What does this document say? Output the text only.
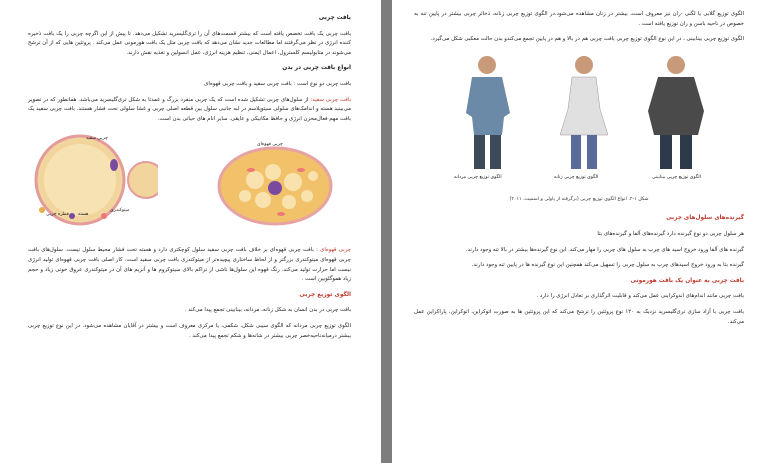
بافت چربی

بافت چربی یک بافت تخصص یافته است که بیشتر قسمت‌های آن را تری‌گلیسرید تشکیل می‌دهد. تا پیش از این اگرچه چربی را یک بافت ذخیره کننده انرژی در نظر می‌گرفتند اما مطالعات جدید نشان می‌دهد که بافت چربی مثل یک بافت هورمونی عمل می‌کند . پروتئین هایی که از آن ترشح می‌شوند در متابولیسم کلسترول، اعمال ایمنی، تنظیم هزینه انرژی، عمل انسولین و تغذیه نقش دارند.

انواع بافت چربی در بدن

بافت چربی دو نوع است : بافت چربی سفید و بافت چربی قهوه‌ای

بافت چربی سفید: از سلول‌های چربی تشکیل شده است که یک چربی منفرد بزرگ و عمدتا به شکل تری‌گلیسرید می‌باشد. همانطور که در تصویر می‌بینید هسته و اندامک‌های سلولی سیتوپلاسم در لبه جانبی سلول بین قطعه اصلی چربی و غشا سلولی تحت فشار هستند. بافت چربی سفید یک بافت مهم فعال‌مخزن انرژی و حافظ مکانیکی و عایقی. سایر انام های حیاتی بدن است.

چربی سفید
قطره چربی هسته
میتوکندری
چربی قهوه‌ای

چربی قهوه‌ای : بافت چربی قهوه‌ای بر خلاف بافت چربی سفید سلول کوچکتری دارد و هسته تحت فشار محیط سلول نیست. سلول‌های بافت چربی قهوه‌ای میتوکندری بزرگتر و از لحاظ ساختاری پیچیده‌تر از میتوکندری بافت چربی سفید است. کار اصلی بافت چربی قهوه‌ای تولید انرژی نیست اما حرارت تولید می‌کند. رنگ قهوه این سلول‌ها ناشی از تراکم بالای سیتوکروم ها و آنزیم های آن در میتوکندری عروق خونی زیاد و حجم زیاد هموگلوبین است .

الگوی توزیع چربی

بافت چربی در بدن انسان به شکل زنانه، مردانه، بینابینی تجمع پیدا می‌کند .

الگوی توزیع چربی مردانه که الگوی سیبی شکل، شکمی، یا مرکزی معروف است و بیشتر در آقایان مشاهده می‌شود. در این نوع توزیع چربی بیشتر درمیانه‌ناحیه‌خصر چربی بیشتر در شانه‌ها و شکم تجمع پیدا می‌کند .

الگوی توزیع گلابی یا لگنی -ران نیز معروف است، بیشتر در زنان مشاهده می‌شود.در الگوی توزیع چربی زنانه، ذخائر چربی بیشتر در پایین تنه به خصوص در ناحیه باسن و ران توزیع یافته است .

الگوی توزیع چربی بینابینی ، در این نوع الگوی توزیع چربی بافت چربی هم در بالا و هم در پایین تجمع می‌کندو بدن حالت معکبی شکل می‌گیرد.

الگوی توزیع چربی بینابینی
الگوی توزیع چربی زنانه
الگوی توزیع چربی مردانه

شکل ۱-۲. انواع الگوی توزیع چربی (برگرفته از پاولی و اسمیت، ۲۰۱۱)

گیرنده‌های سلول‌های چربی

هر سلول چربی دو نوع گیرنده دارد گیرنده‌های آلفا و گیرنده‌های بتا

گیرنده های آلفا ورود خروج اسید های چرب به سلول های چربی را مهار می‌کند. این نوع گیرنده‌ها بیشتر در بالا تنه وجود دارند.

گیرنده بتا به ورود خروج اسیدهای چرب به سلول چربی را تسهیل می‌کند همچنین این نوع گیرنده ها در پایین تنه وجود دارند.

بافت چربی به عنوان یک بافت هورمونی

بافت چربی مانند اندام‌های اندوکراینی عمل می‌کند و قابلیت اثرگذاری بر تعادل انرژی را دارد .

بافت چربی با آزاد سازی تری‌گلیسرید نزدیک به ۱۲۰ نوع پروتئین را ترشح می‌کند که این پروتئین ها به صورت اتوکراین، اتوکراین، پاراکراین عمل می‌کند.
